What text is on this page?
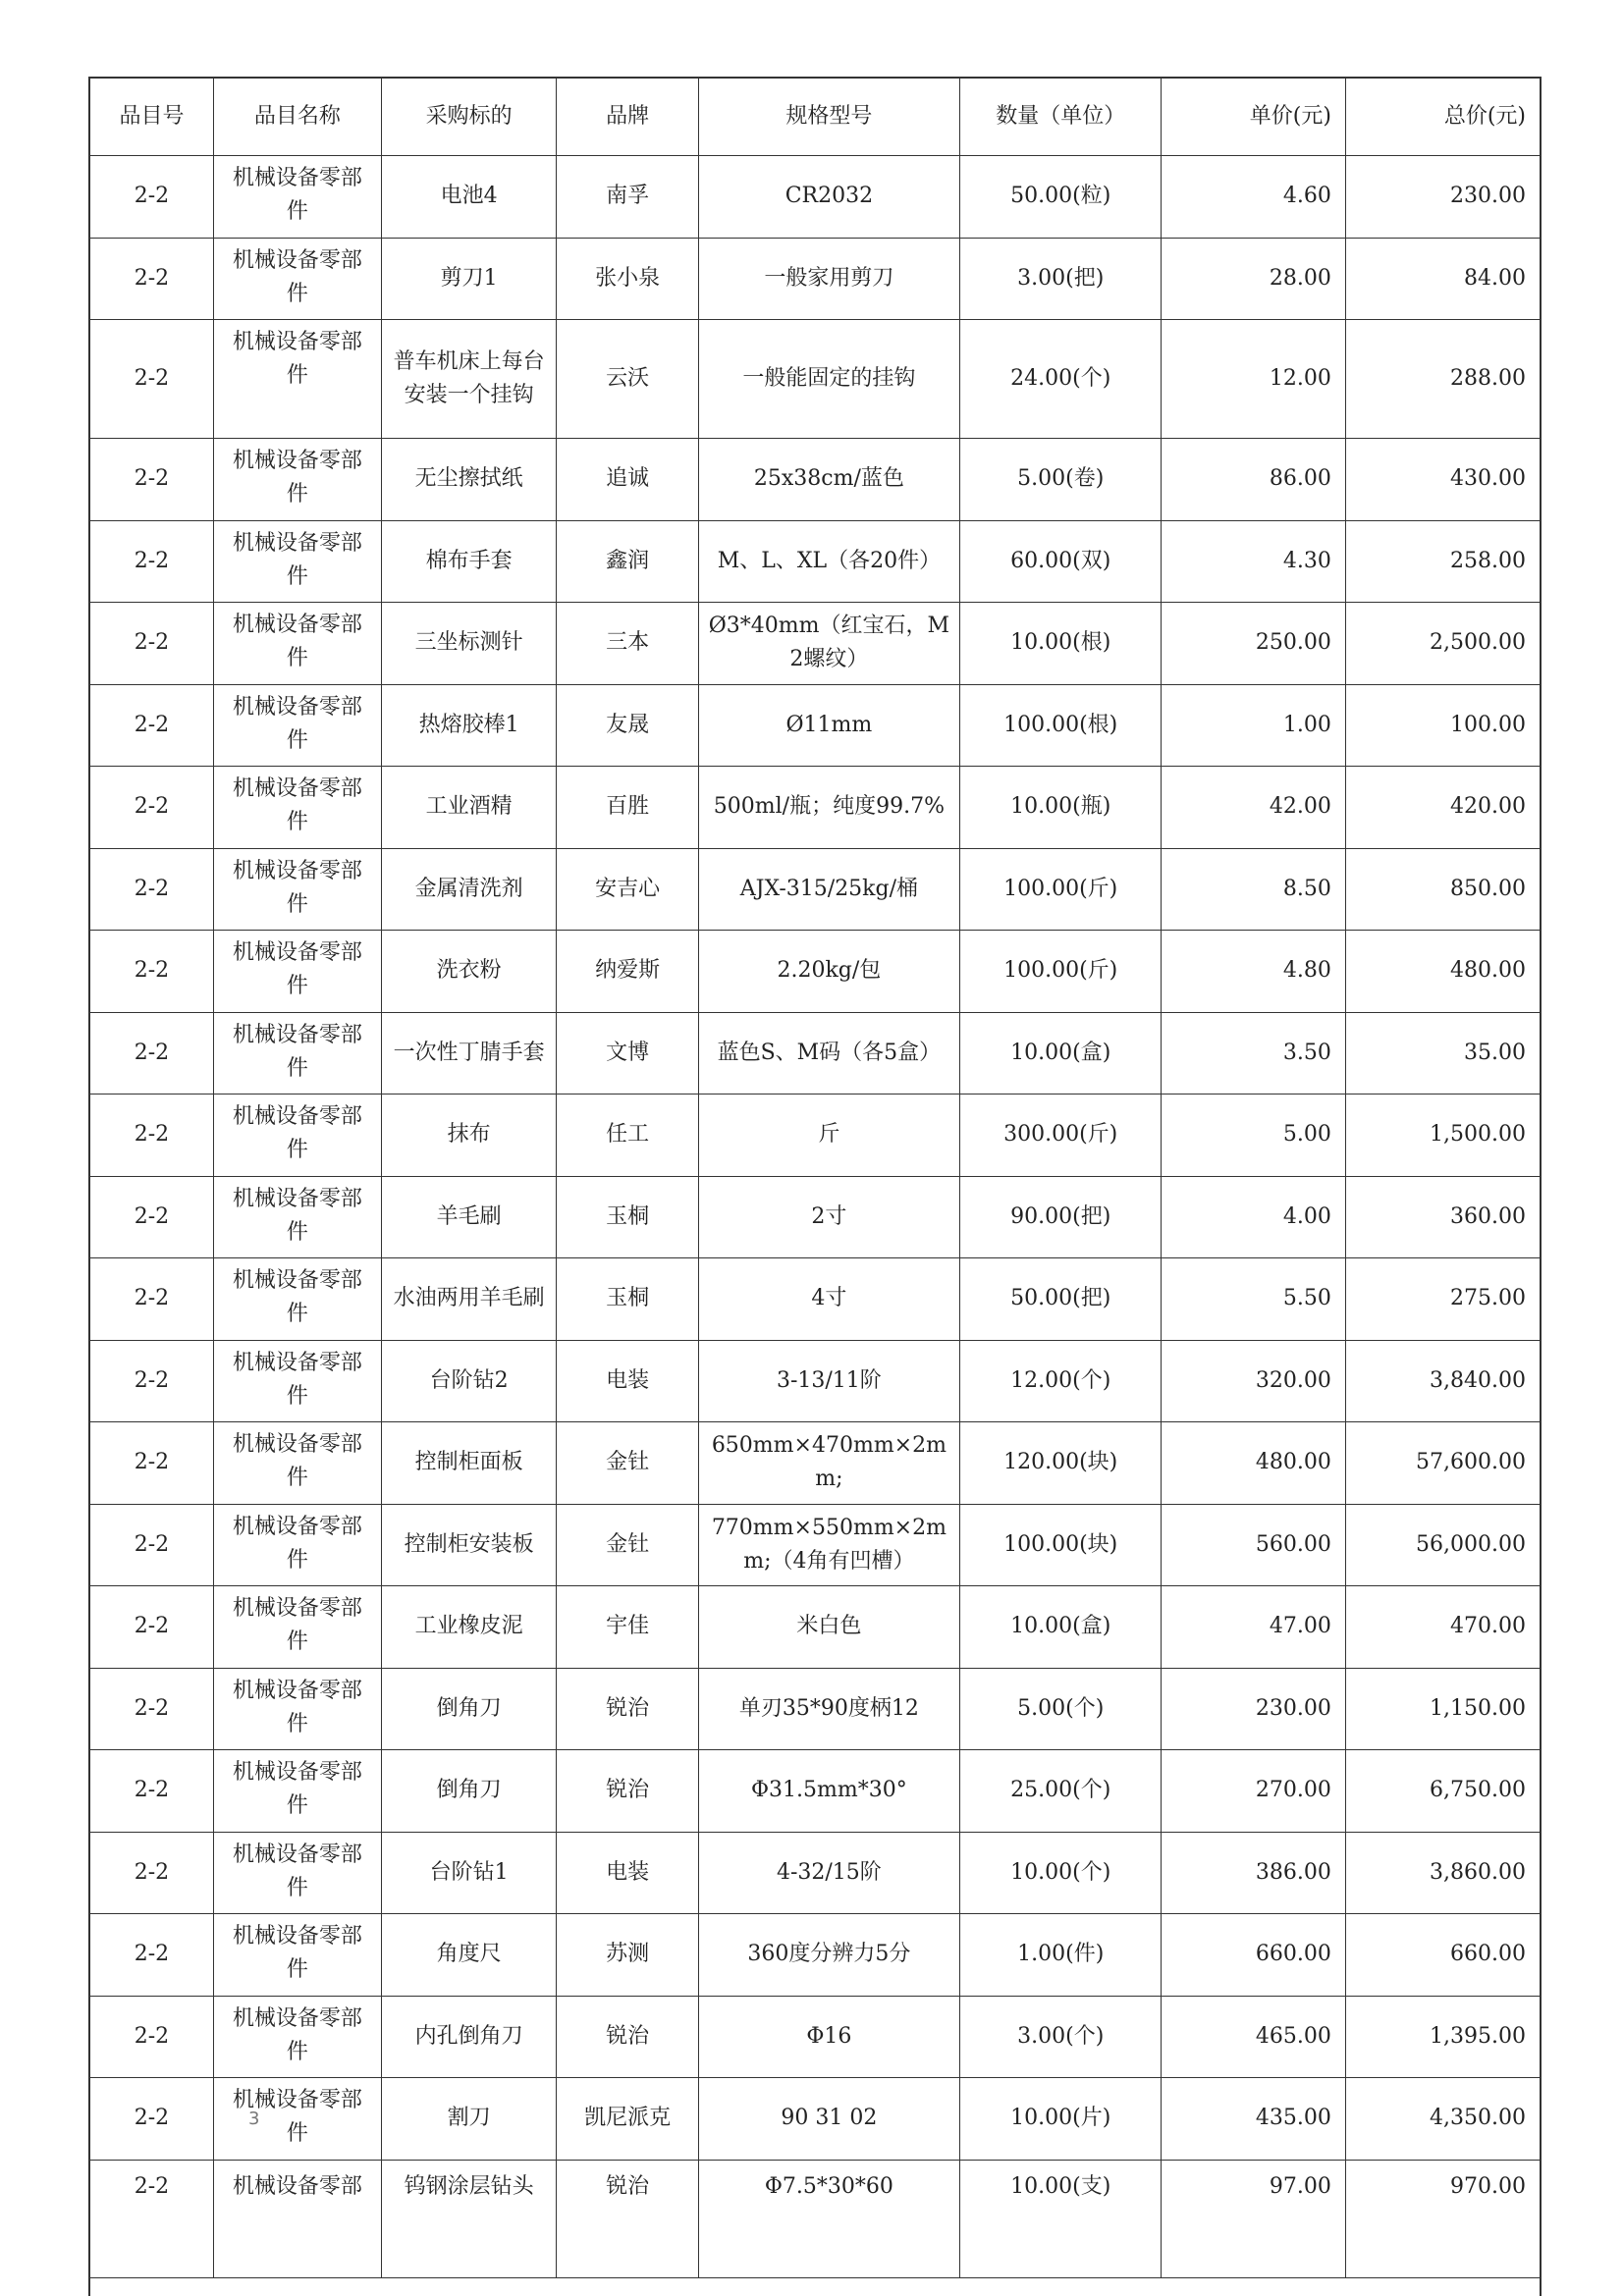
品目号	品目名称	采购标的	品牌	规格型号	数量（单位）	单价(元)	总价(元)
2-2	机械设备零部件	电池4	南孚	CR2032	50.00(粒)	4.60	230.00
2-2	机械设备零部件	剪刀1	张小泉	一般家用剪刀	3.00(把)	28.00	84.00
2-2	机械设备零部件	普车机床上每台安装一个挂钩	云沃	一般能固定的挂钩	24.00(个)	12.00	288.00
2-2	机械设备零部件	无尘擦拭纸	追诚	25x38cm/蓝色	5.00(卷)	86.00	430.00
2-2	机械设备零部件	棉布手套	鑫润	M、L、XL（各20件）	60.00(双)	4.30	258.00
2-2	机械设备零部件	三坐标测针	三本	Ø3*40mm（红宝石，M2螺纹）	10.00(根)	250.00	2,500.00
2-2	机械设备零部件	热熔胶棒1	友晟	Ø11mm	100.00(根)	1.00	100.00
2-2	机械设备零部件	工业酒精	百胜	500ml/瓶；纯度99.7%	10.00(瓶)	42.00	420.00
2-2	机械设备零部件	金属清洗剂	安吉心	AJX-315/25kg/桶	100.00(斤)	8.50	850.00
2-2	机械设备零部件	洗衣粉	纳爱斯	2.20kg/包	100.00(斤)	4.80	480.00
2-2	机械设备零部件	一次性丁腈手套	文博	蓝色S、M码（各5盒）	10.00(盒)	3.50	35.00
2-2	机械设备零部件	抹布	任工	斤	300.00(斤)	5.00	1,500.00
2-2	机械设备零部件	羊毛刷	玉桐	2寸	90.00(把)	4.00	360.00
2-2	机械设备零部件	水油两用羊毛刷	玉桐	4寸	50.00(把)	5.50	275.00
2-2	机械设备零部件	台阶钻2	电装	3-13/11阶	12.00(个)	320.00	3,840.00
2-2	机械设备零部件	控制柜面板	金钍	650mm×470mm×2mm;	120.00(块)	480.00	57,600.00
2-2	机械设备零部件	控制柜安装板	金钍	770mm×550mm×2mm;（4角有凹槽）	100.00(块)	560.00	56,000.00
2-2	机械设备零部件	工业橡皮泥	宇佳	米白色	10.00(盒)	47.00	470.00
2-2	机械设备零部件	倒角刀	锐治	单刃35*90度柄12	5.00(个)	230.00	1,150.00
2-2	机械设备零部件	倒角刀	锐治	Φ31.5mm*30°	25.00(个)	270.00	6,750.00
2-2	机械设备零部件	台阶钻1	电装	4-32/15阶	10.00(个)	386.00	3,860.00
2-2	机械设备零部件	角度尺	苏测	360度分辨力5分	1.00(件)	660.00	660.00
2-2	机械设备零部件	内孔倒角刀	锐治	Φ16	3.00(个)	465.00	1,395.00
2-2	机械设备零部件	割刀	凯尼派克	90 31 02	10.00(片)	435.00	4,350.00
2-2	机械设备零部	钨钢涂层钻头	锐治	Φ7.5*30*60	10.00(支)	97.00	970.00
3
